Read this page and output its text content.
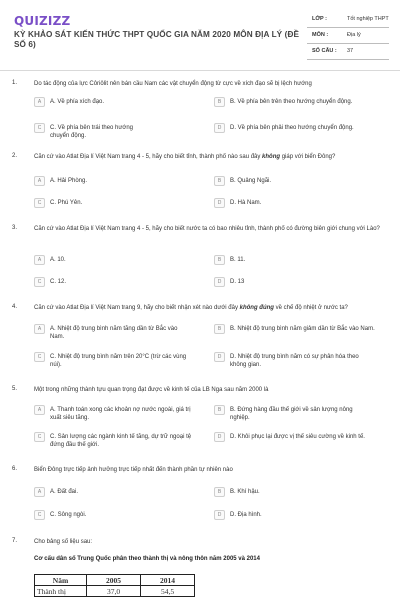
QUIZIZZ
KỲ KHẢO SÁT KIẾN THỨC THPT QUỐC GIA NĂM 2020 MÔN ĐỊA LÝ (ĐỀ SỐ 6)
LỚP :	Tốt nghiệp THPT
MÔN :	Địa lý
SỐ CÂU : 37
1.	Do tác động của lực Côriôlit nên bán cầu Nam các vật chuyển động từ cực về xích đạo sẽ bị lệch hướng
A	A. Về phía xích đạo.	B	B. Về phía bên trên theo hướng chuyển động.
C	C. Về phía bên trái theo hướng chuyển động.
D	D. Về phía bên phải theo hướng chuyển động.
2.	Căn cứ vào Atlat Địa lí Việt Nam trang 4 - 5, hãy cho biết tỉnh, thành phố nào sau đây không giáp với biển Đông?
A	A. Hải Phòng.	B	B. Quảng Ngãi.
C	C. Phú Yên.	D	D. Hà Nam.
3.	Căn cứ vào Atlat Địa lí Việt Nam trang 4 - 5, hãy cho biết nước ta có bao nhiêu tỉnh, thành phố có đường biên giới chung với Lào?
A	A. 10.	B	B. 11.
C	C. 12.	D	D. 13
4.	Căn cứ vào Atlat Địa lí Việt Nam trang 9, hãy cho biết nhận xét nào dưới đây không đúng về chế độ nhiệt ở nước ta?
A	A. Nhiệt độ trung bình năm tăng dần từ Bắc vào Nam.
B	B. Nhiệt độ trung bình năm giảm dần từ Bắc vào Nam.
C	C. Nhiệt độ trung bình năm trên 20°C (trừ các vùng núi).
D	D. Nhiệt độ trung bình năm có sự phân hóa theo không gian.
5.	Một trong những thành tựu quan trọng đạt được về kinh tế của LB Nga sau năm 2000 là
A	A. Thanh toán xong các khoản nợ nước ngoài, giá trị xuất siêu tăng.
B	B. Đứng hàng đầu thế giới về sản lượng nông nghiệp.
C	C. Sản lượng các ngành kinh tế tăng, dự trữ ngoại tệ đứng đầu thế giới.
D	D. Khôi phục lại được vị thế siêu cường về kinh tế.
6.	Biển Đông trực tiếp ảnh hưởng trực tiếp nhất đến thành phần tự nhiên nào
A	A. Đất đai.	B	B. Khí hậu.
C	C. Sông ngòi.	D	D. Địa hình.
7.	Cho bảng số liệu sau:
Cơ cấu dân số Trung Quốc phân theo thành thị và nông thôn năm 2005 và 2014
Năm	2005	2014
Thành thị	37,0	54,5
